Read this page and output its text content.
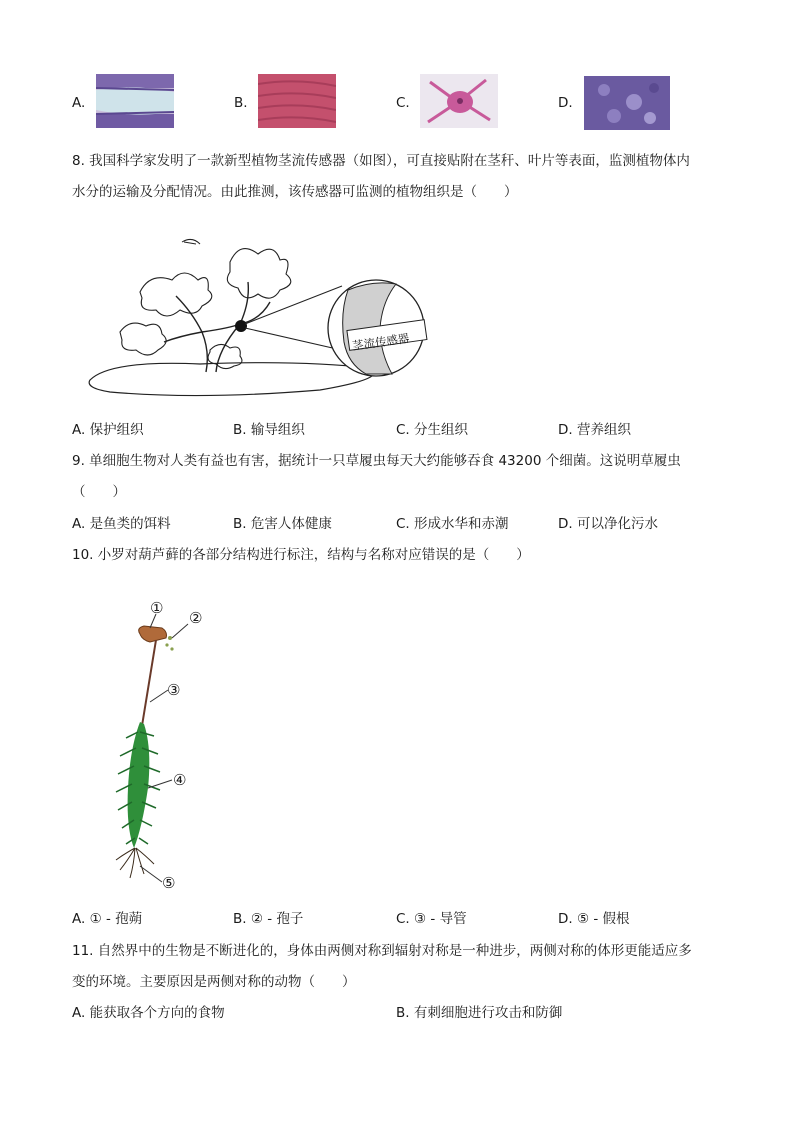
A.	B.	C.	D.
8. 我国科学家发明了一款新型植物茎流传感器（如图），可直接贴附在茎秆、叶片等表面，监测植物体内
水分的运输及分配情况。由此推测，该传感器可监测的植物组织是（　　）
茎流传感器
A. 保护组织	B. 输导组织	C. 分生组织	D. 营养组织
9. 单细胞生物对人类有益也有害，据统计一只草履虫每天大约能够吞食 43200 个细菌。这说明草履虫
（　　）
A. 是鱼类的饵料	B. 危害人体健康	C. 形成水华和赤潮	D. 可以净化污水
10. 小罗对葫芦藓的各部分结构进行标注，结构与名称对应错误的是（　　）
①
②
③
④
⑤
A. ① - 孢蒴	B. ② - 孢子	C. ③ - 导管	D. ⑤ - 假根
11. 自然界中的生物是不断进化的，身体由两侧对称到辐射对称是一种进步，两侧对称的体形更能适应多
变的环境。主要原因是两侧对称的动物（　　）
A. 能获取各个方向的食物	B. 有刺细胞进行攻击和防御
